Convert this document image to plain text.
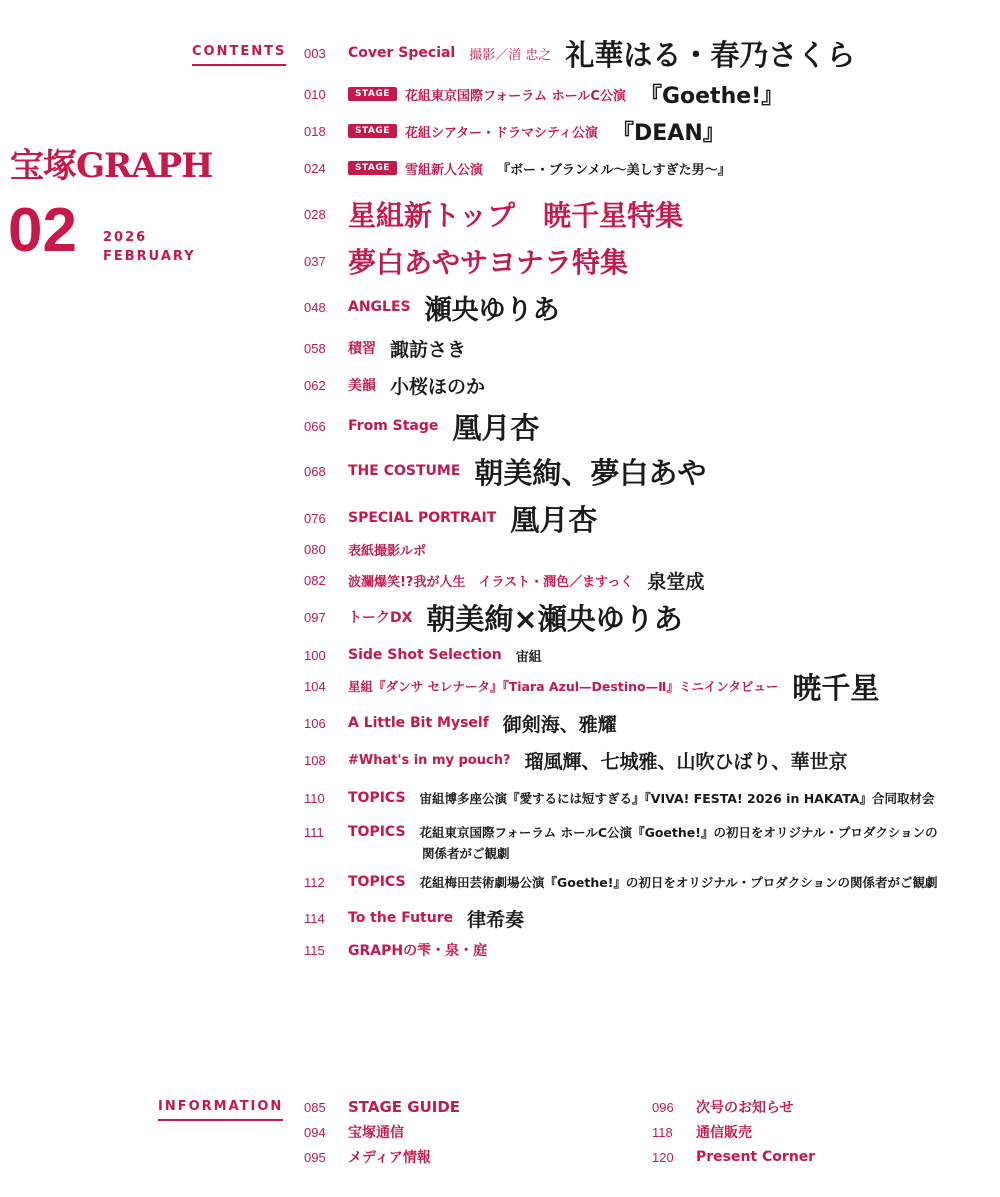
宝塚GRAPH
02 2026
FEBRUARY
CONTENTS 003	Cover Special 撮影／渞 忠之 礼華はる・春乃さくら
010	STAGE	花組東京国際フォーラム ホールC公演 『Goethe!』
018	STAGE	花組シアター・ドラマシティ公演 『DEAN』
024	STAGE	雪組新人公演 『ボー・ブランメル～美しすぎた男～』
028 星組新トップ　暁千星特集
037 夢白あやサヨナラ特集
048	ANGLES 瀬央ゆりあ
058	積習 諏訪さき
062	美韻 小桜ほのか
066	From Stage 凰月杏
068	THE COSTUME 朝美絢、夢白あや
076	SPECIAL PORTRAIT 凰月杏
080	表紙撮影ルポ
082	波瀾爆笑!?我が人生　イラスト・潤色／ますっく 泉堂成
097	トークDX 朝美絢×瀬央ゆりあ
100	Side Shot Selection 宙組
104	星組『ダンサ セレナータ』『Tiara Azul—Destino—Ⅱ』ミニインタビュー 暁千星
106	A Little Bit Myself 御剣海、雅耀
108	#What's in my pouch? 瑠風輝、七城雅、山吹ひばり、華世京
110	TOPICS 宙組博多座公演『愛するには短すぎる』『VIVA! FESTA! 2026 in HAKATA』合同取材会
111	TOPICS 花組東京国際フォーラム ホールC公演『Goethe!』の初日をオリジナル・プロダクションの
関係者がご観劇
112	TOPICS 花組梅田芸術劇場公演『Goethe!』の初日をオリジナル・プロダクションの関係者がご観劇
114	To the Future 律希奏
115	GRAPHの雫・泉・庭
INFORMATION 085	STAGE GUIDE
094	宝塚通信
095	メディア情報
096	次号のお知らせ
118	通信販売
120	Present Corner
